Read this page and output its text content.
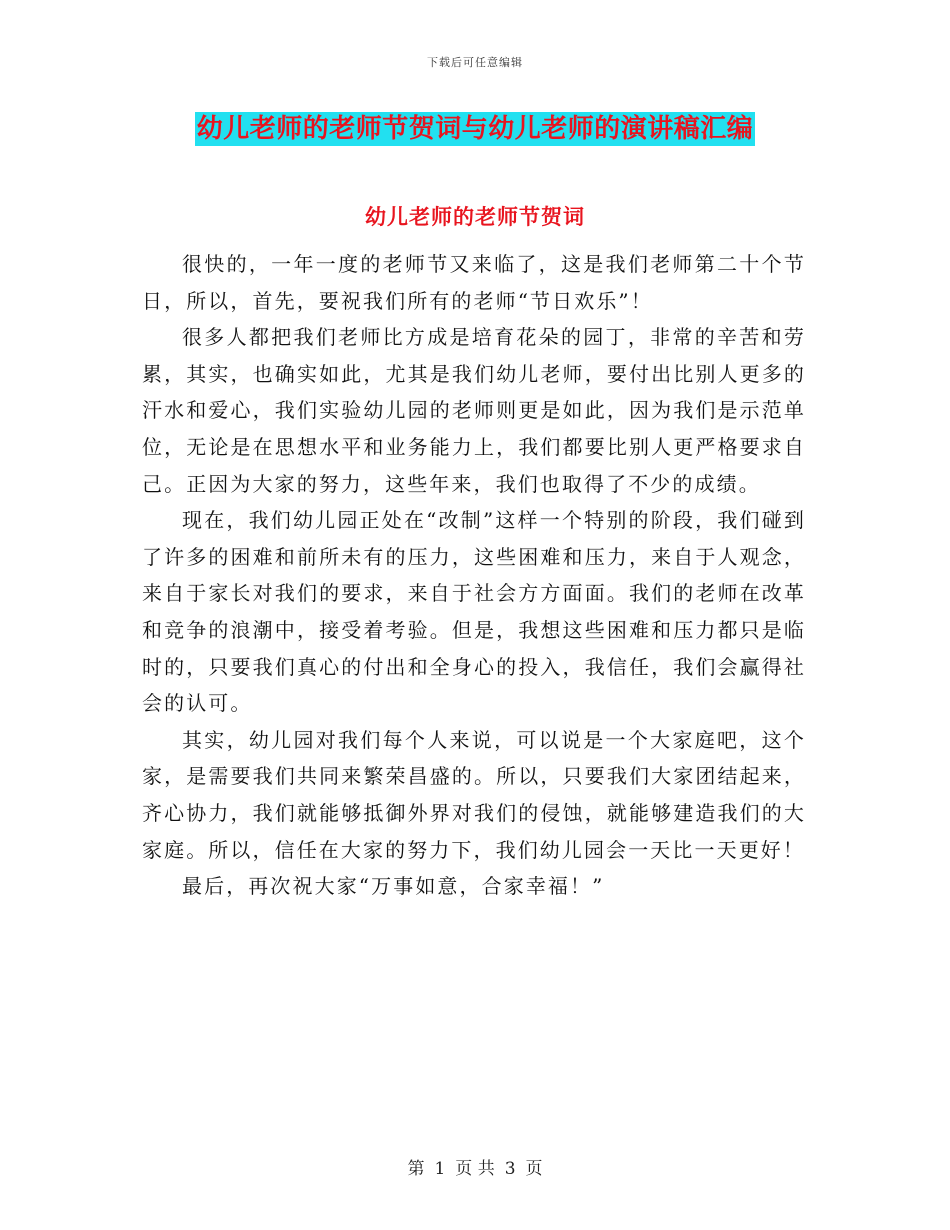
下载后可任意编辑
幼儿老师的老师节贺词与幼儿老师的演讲稿汇编
幼儿老师的老师节贺词

很快的，一年一度的老师节又来临了，这是我们老师第二十个节日，所以，首先，要祝我们所有的老师“节日欢乐”！

很多人都把我们老师比方成是培育花朵的园丁，非常的辛苦和劳累，其实，也确实如此，尤其是我们幼儿老师，要付出比别人更多的汗水和爱心，我们实验幼儿园的老师则更是如此，因为我们是示范单位，无论是在思想水平和业务能力上，我们都要比别人更严格要求自己。正因为大家的努力，这些年来，我们也取得了不少的成绩。

现在，我们幼儿园正处在“改制”这样一个特别的阶段，我们碰到了许多的困难和前所未有的压力，这些困难和压力，来自于人观念，来自于家长对我们的要求，来自于社会方方面面。我们的老师在改革和竞争的浪潮中，接受着考验。但是，我想这些困难和压力都只是临时的，只要我们真心的付出和全身心的投入，我信任，我们会赢得社会的认可。

其实，幼儿园对我们每个人来说，可以说是一个大家庭吧，这个家，是需要我们共同来繁荣昌盛的。所以，只要我们大家团结起来，齐心协力，我们就能够抵御外界对我们的侵蚀，就能够建造我们的大家庭。所以，信任在大家的努力下，我们幼儿园会一天比一天更好！

最后，再次祝大家“万事如意，合家幸福！”

第 1 页 共 3 页
